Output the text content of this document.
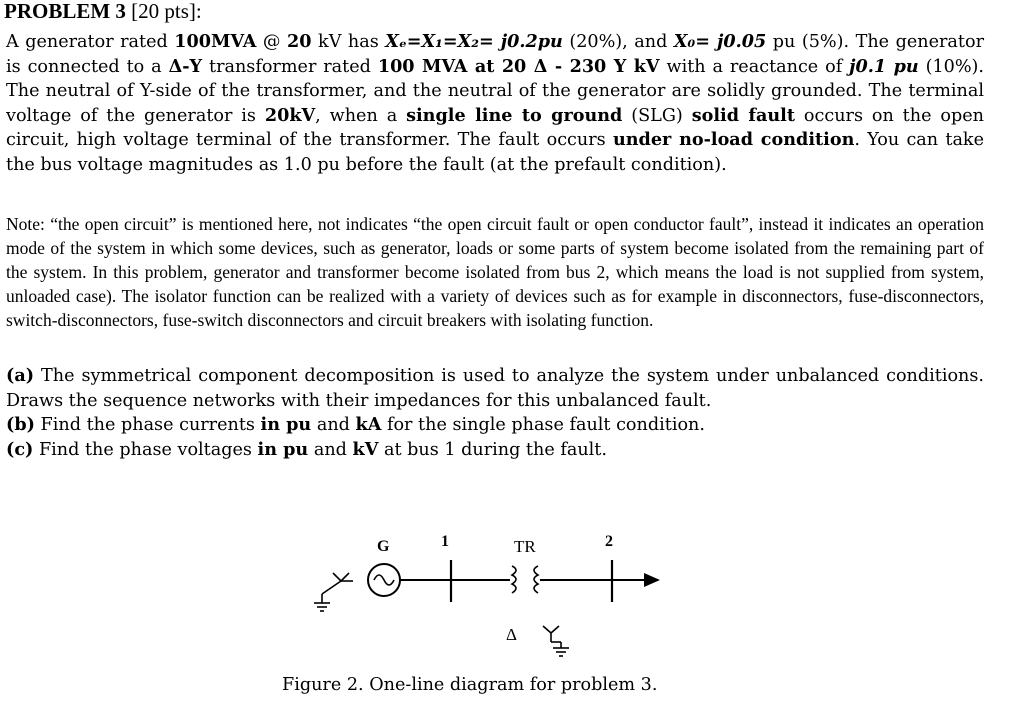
PROBLEM 3 [20 pts]:
A generator rated 100MVA @ 20 kV has Xₑ=X₁=X₂= j0.2pu (20%), and X₀= j0.05 pu (5%). The generator is connected to a Δ-Y transformer rated 100 MVA at 20 Δ - 230 Y kV with a reactance of j0.1 pu (10%). The neutral of Y-side of the transformer, and the neutral of the generator are solidly grounded. The terminal voltage of the generator is 20kV, when a single line to ground (SLG) solid fault occurs on the open circuit, high voltage terminal of the transformer. The fault occurs under no-load condition. You can take the bus voltage magnitudes as 1.0 pu before the fault (at the prefault condition).
Note: “the open circuit” is mentioned here, not indicates “the open circuit fault or open conductor fault”, instead it indicates an operation mode of the system in which some devices, such as generator, loads or some parts of system become isolated from the remaining part of the system. In this problem, generator and transformer become isolated from bus 2, which means the load is not supplied from system, unloaded case). The isolator function can be realized with a variety of devices such as for example in disconnectors, fuse-disconnectors, switch-disconnectors, fuse-switch disconnectors and circuit breakers with isolating function.
(a) The symmetrical component decomposition is used to analyze the system under unbalanced conditions. Draws the sequence networks with their impedances for this unbalanced fault.
(b) Find the phase currents in pu and kA for the single phase fault condition.
(c) Find the phase voltages in pu and kV at bus 1 during the fault.
G	1	TR	2
Δ
Figure 2. One-line diagram for problem 3.
